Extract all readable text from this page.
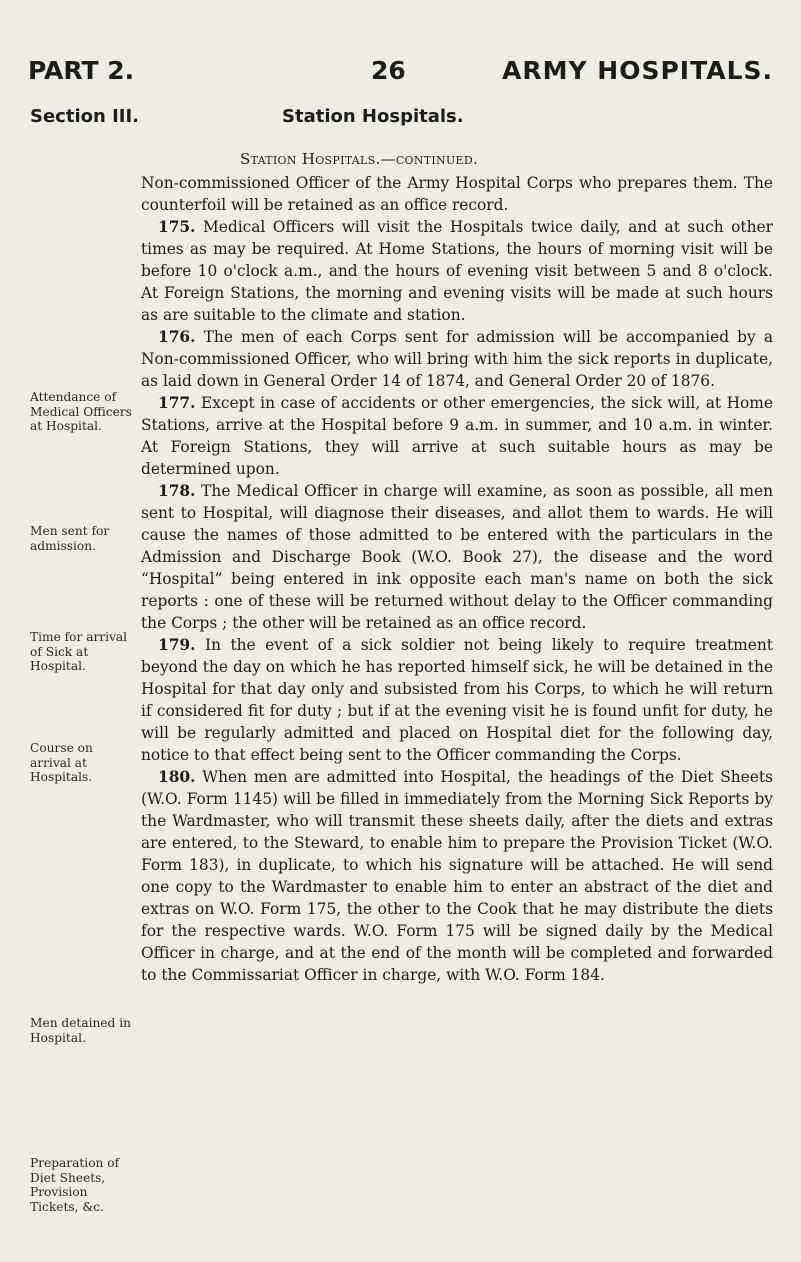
PART 2.	26	ARMY HOSPITALS.
Section III.	Station Hospitals.
Station Hospitals.—continued.
Attendance of Medical Officers at Hospital.
Men sent for admission.
Time for arrival of Sick at Hospital.
Course on arrival at Hospitals.
Men detained in Hospital.
Preparation of Diet Sheets, Provision Tickets, &c.

Non-commissioned Officer of the Army Hospital Corps who prepares them. The counterfoil will be retained as an office record.

175. Medical Officers will visit the Hospitals twice daily, and at such other times as may be required. At Home Stations, the hours of morning visit will be before 10 o'clock a.m., and the hours of evening visit between 5 and 8 o'clock. At Foreign Stations, the morning and evening visits will be made at such hours as are suitable to the climate and station.

176. The men of each Corps sent for admission will be accompanied by a Non-commissioned Officer, who will bring with him the sick reports in duplicate, as laid down in General Order 14 of 1874, and General Order 20 of 1876.

177. Except in case of accidents or other emergencies, the sick will, at Home Stations, arrive at the Hospital before 9 a.m. in summer, and 10 a.m. in winter. At Foreign Stations, they will arrive at such suitable hours as may be determined upon.

178. The Medical Officer in charge will examine, as soon as possible, all men sent to Hospital, will diagnose their diseases, and allot them to wards. He will cause the names of those admitted to be entered with the particulars in the Admission and Discharge Book (W.O. Book 27), the disease and the word “Hospital” being entered in ink opposite each man's name on both the sick reports : one of these will be returned without delay to the Officer commanding the Corps ; the other will be retained as an office record.

179. In the event of a sick soldier not being likely to require treatment beyond the day on which he has reported himself sick, he will be detained in the Hospital for that day only and subsisted from his Corps, to which he will return if considered fit for duty ; but if at the evening visit he is found unfit for duty, he will be regularly admitted and placed on Hospital diet for the following day, notice to that effect being sent to the Officer commanding the Corps.

180. When men are admitted into Hospital, the headings of the Diet Sheets (W.O. Form 1145) will be filled in immediately from the Morning Sick Reports by the Wardmaster, who will transmit these sheets daily, after the diets and extras are entered, to the Steward, to enable him to prepare the Provision Ticket (W.O. Form 183), in duplicate, to which his signature will be attached. He will send one copy to the Wardmaster to enable him to enter an abstract of the diet and extras on W.O. Form 175, the other to the Cook that he may distribute the diets for the respective wards. W.O. Form 175 will be signed daily by the Medical Officer in charge, and at the end of the month will be completed and forwarded to the Commissariat Officer in charge, with W.O. Form 184.
